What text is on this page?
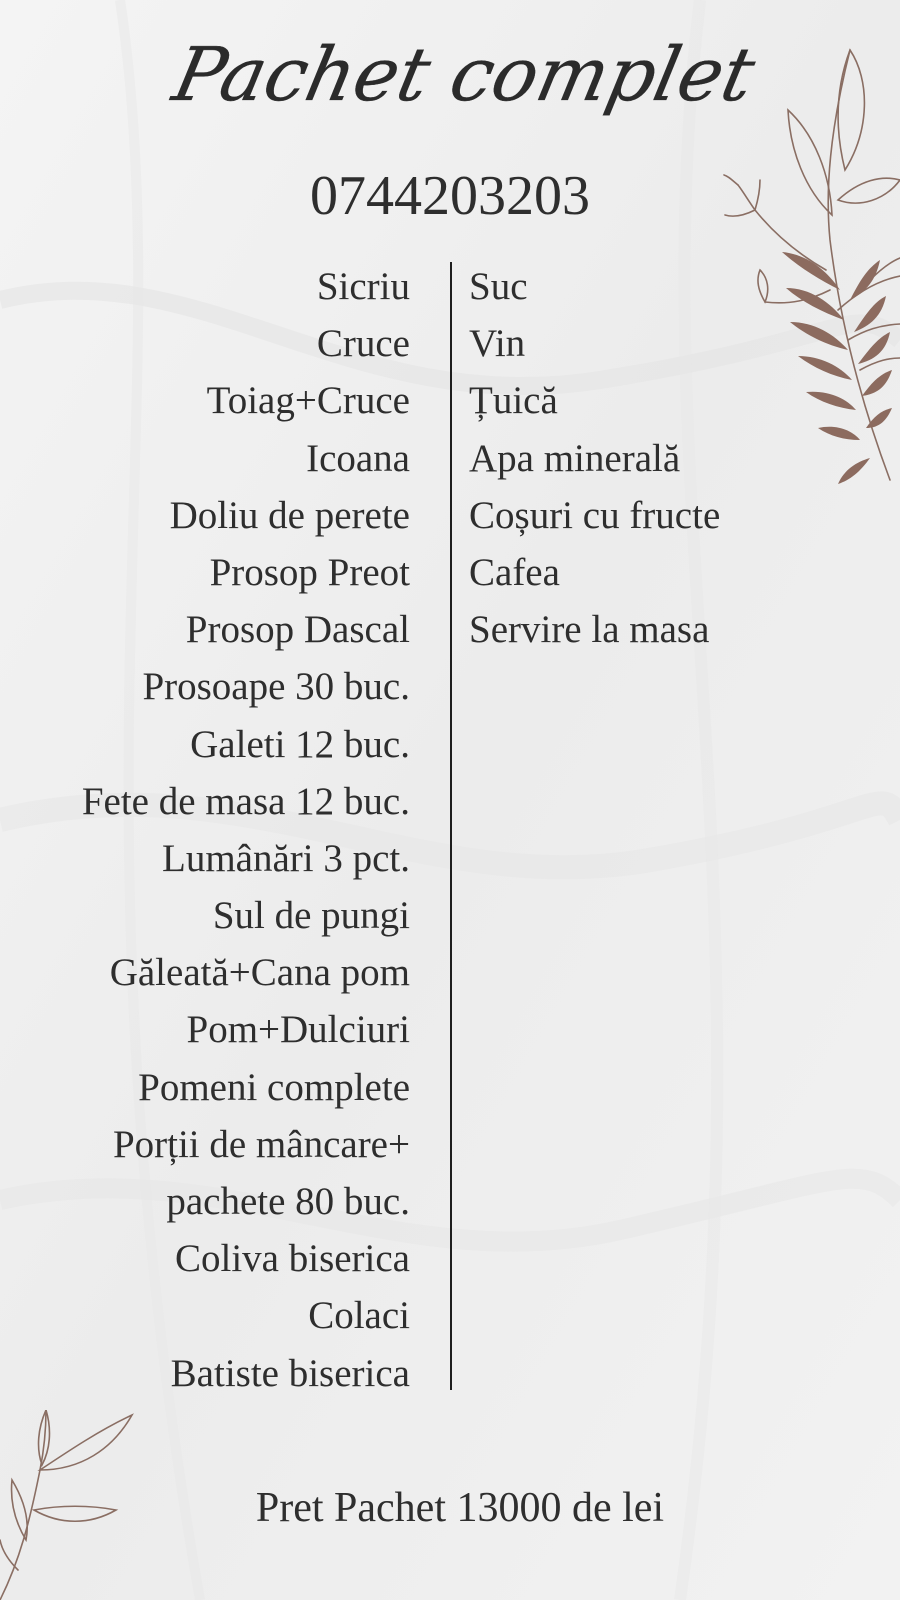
Pachet complet
0744203203
Sicriu
Cruce
Toiag+Cruce
Icoana
Doliu de perete
Prosop Preot
Prosop Dascal
Prosoape 30 buc.
Galeti 12 buc.
Fete de masa 12 buc.
Lumânări 3 pct.
Sul de pungi
Găleată+Cana pom
Pom+Dulciuri
Pomeni complete
Porții de mâncare+
pachete 80 buc.
Coliva biserica
Colaci
Batiste biserica
Suc
Vin
Țuică
Apa minerală
Coșuri cu fructe
Cafea
Servire la masa
Pret Pachet 13000 de lei
